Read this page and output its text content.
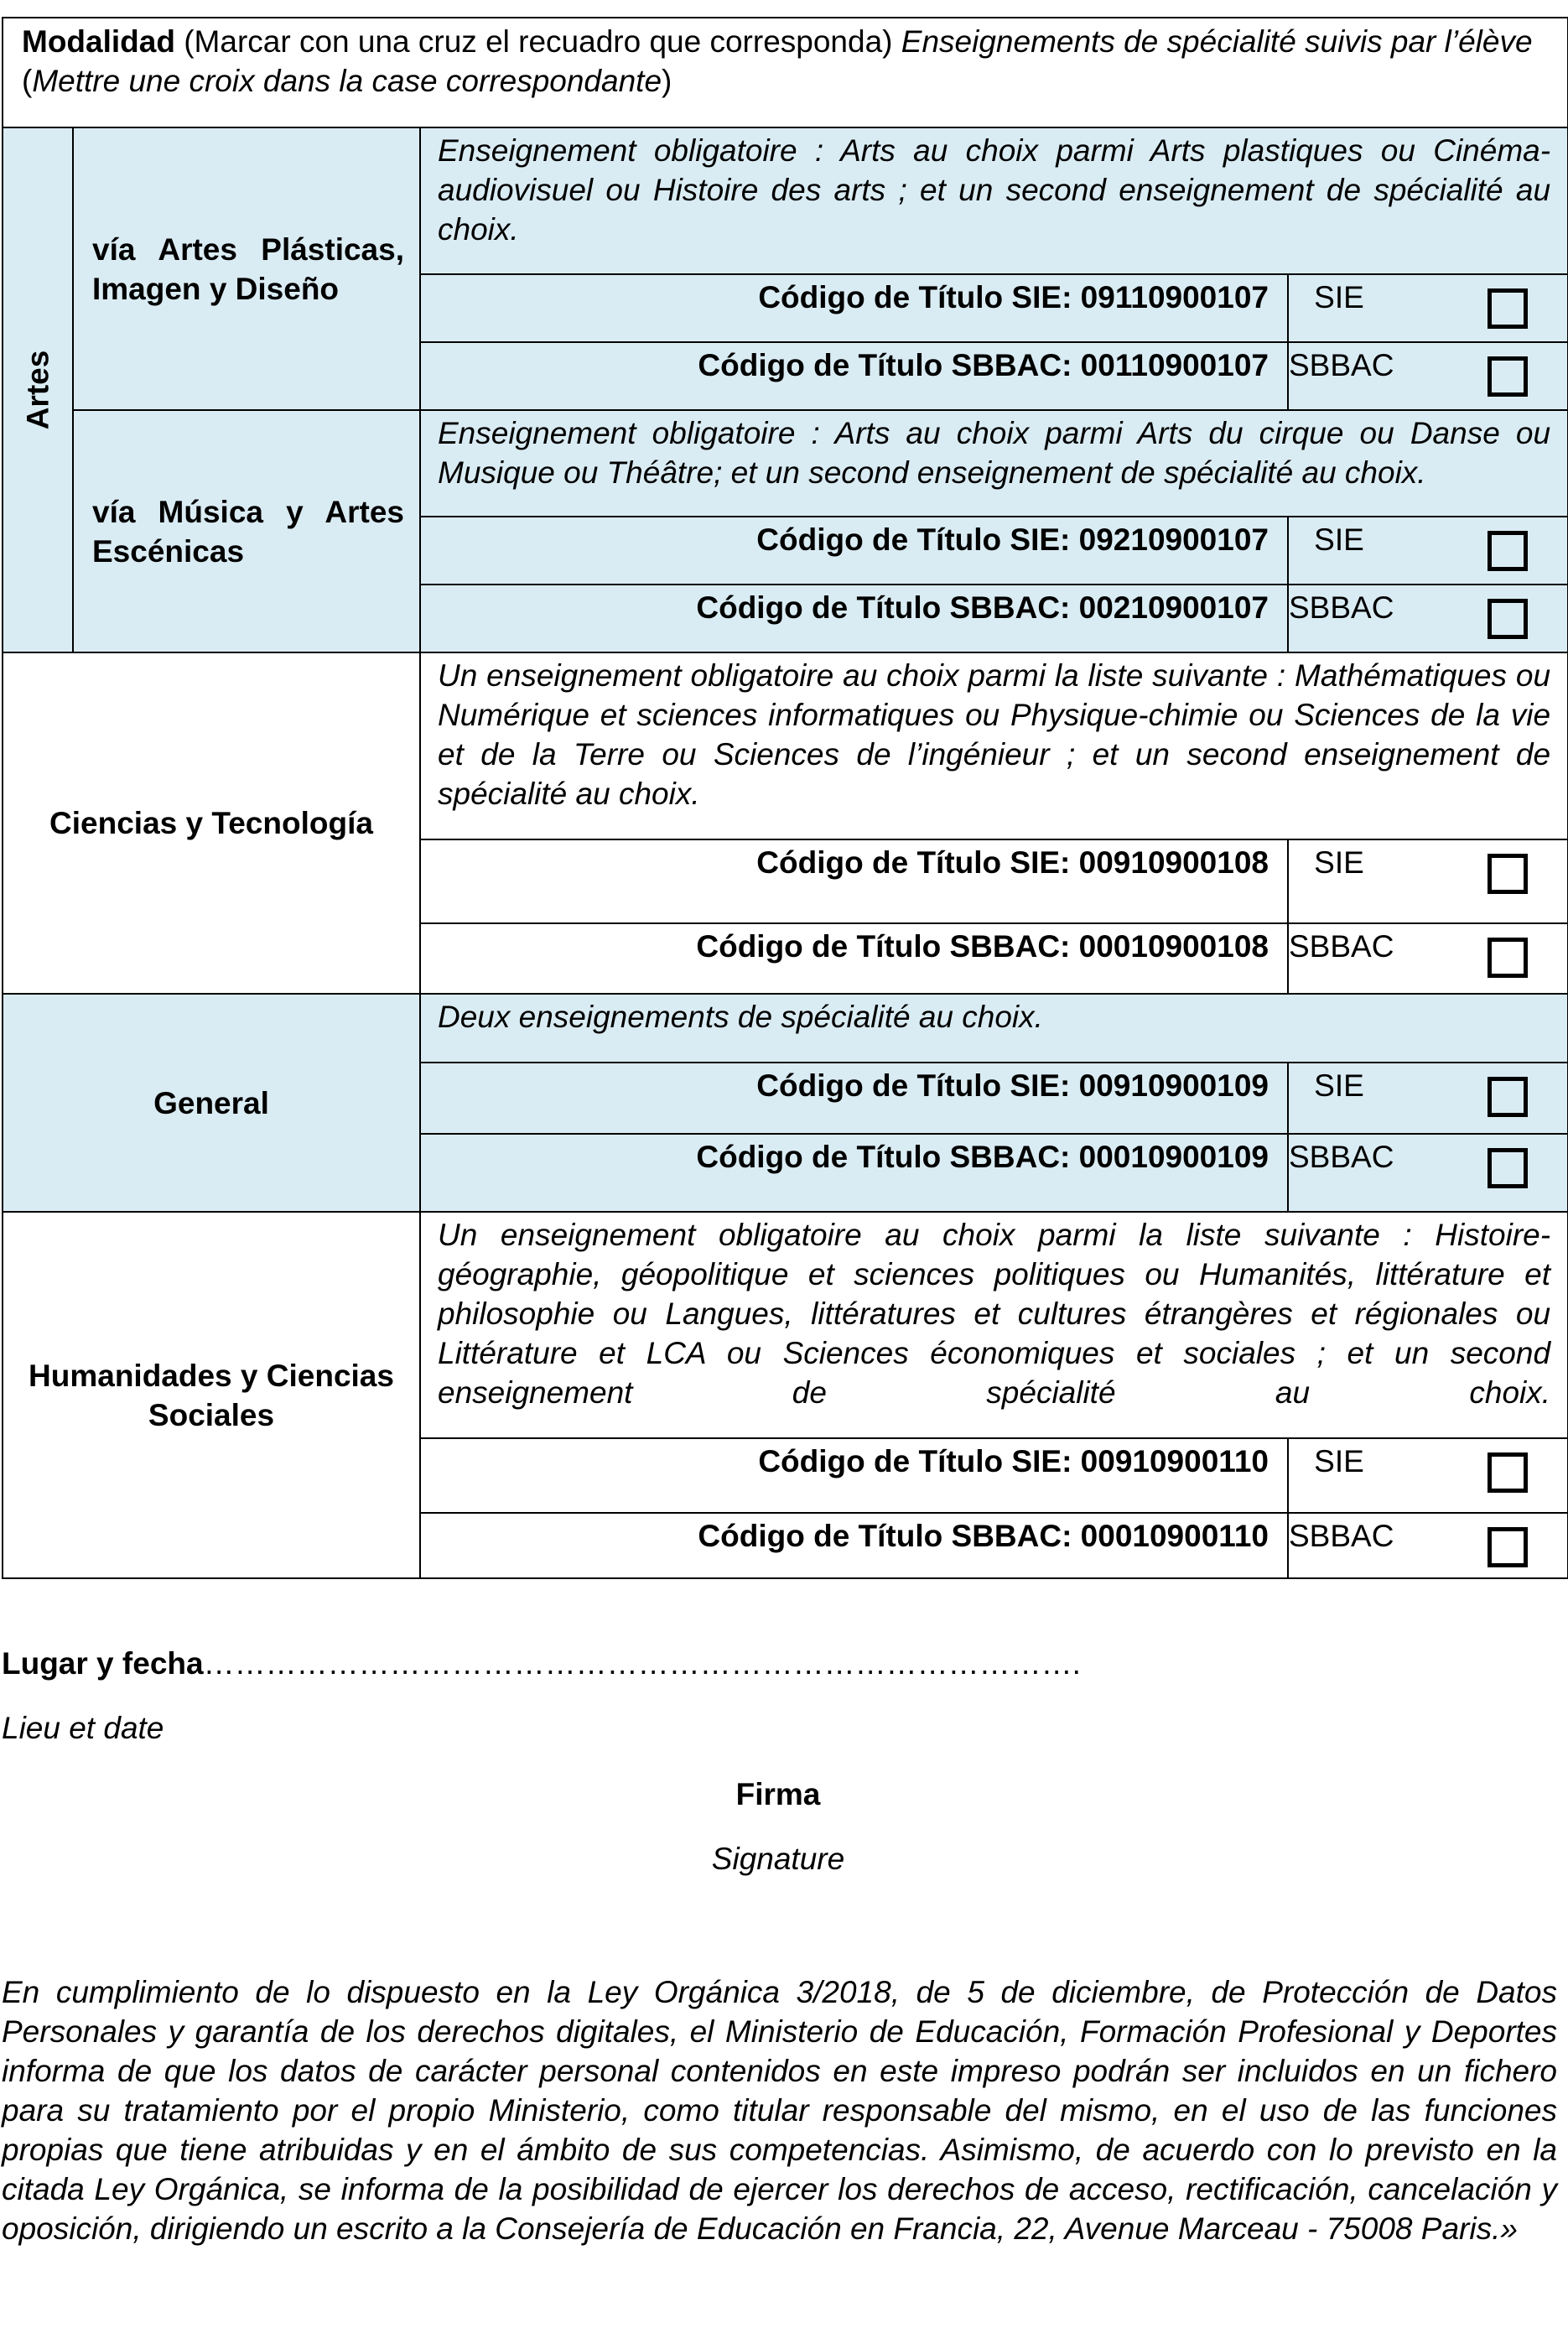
Modalidad (Marcar con una cruz el recuadro que corresponda) Enseignements de spécialité suivis par l’élève (Mettre une croix dans la case correspondante)			

Artes	vía Artes Plásticas, Imagen y Diseño	Enseignement obligatoire : Arts au choix parmi Arts plastiques ou Cinéma-audiovisuel ou Histoire des arts ; et un second enseignement de spécialité au choix.	
		Código de Título SIE: 09110900107	SIE

		Código de Título SBBAC: 00110900107	SBBAC

	vía Música y Artes Escénicas	Enseignement obligatoire : Arts au choix parmi Arts du cirque ou Danse ou Musique ou Théâtre; et un second enseignement de spécialité au choix.	
		Código de Título SIE: 09210900107	SIE

		Código de Título SBBAC: 00210900107	SBBAC

Ciencias y Tecnología		Un enseignement obligatoire au choix parmi la liste suivante : Mathématiques ou Numérique et sciences informatiques ou Physique-chimie ou Sciences de la vie et de la Terre ou Sciences de l’ingénieur ; et un second enseignement de spécialité au choix.	
		Código de Título SIE: 00910900108	SIE

		Código de Título SBBAC: 00010900108	SBBAC

General		Deux enseignements de spécialité au choix.	
		Código de Título SIE: 00910900109	SIE

		Código de Título SBBAC: 00010900109	SBBAC

Humanidades y Ciencias Sociales		Un enseignement obligatoire au choix parmi la liste suivante : Histoire-géographie, géopolitique et sciences politiques ou Humanités, littérature et philosophie ou Langues, littératures et cultures étrangères et régionales ou Littérature et LCA ou Sciences économiques et sociales ; et un second enseignement de spécialité au choix.	
		Código de Título SIE: 00910900110	SIE

		Código de Título SBBAC: 00010900110	SBBAC
Lugar y fecha………………………………………………………………………….
Lieu et date
Firma
Signature
En cumplimiento de lo dispuesto en la Ley Orgánica 3/2018, de 5 de diciembre, de Protección de Datos Personales y garantía de los derechos digitales, el Ministerio de Educación, Formación Profesional y Deportes informa de que los datos de carácter personal contenidos en este impreso podrán ser incluidos en un fichero para su tratamiento por el propio Ministerio, como titular responsable del mismo, en el uso de las funciones propias que tiene atribuidas y en el ámbito de sus competencias. Asimismo, de acuerdo con lo previsto en la citada Ley Orgánica, se informa de la posibilidad de ejercer los derechos de acceso, rectificación, cancelación y oposición, dirigiendo un escrito a la Consejería de Educación en Francia, 22, Avenue Marceau - 75008 Paris.»
